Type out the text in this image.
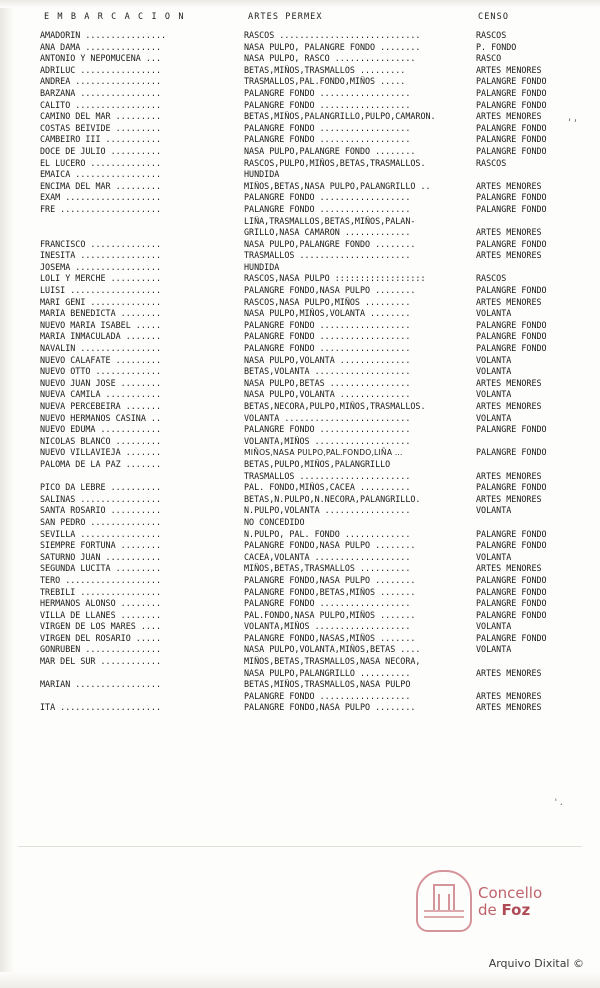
E M B A R C A C I O N	ARTES PERMEX	CENSO
AMADORIN ................	RASCOS ............................	RASCOS
ANA DAMA ...............	NASA PULPO, PALANGRE FONDO ........	P. FONDO
ANTONIO Y NEPOMUCENA ...	NASA PULPO, RASCO ................	RASCO
ADRILUC ................	BETAS,MIÑOS,TRASMALLOS .........	ARTES MENORES
ANDREA .................	TRASMALLOS,PAL.FONDO,MIÑOS .....	PALANGRE FONDO
BARZANA ................	PALANGRE FONDO ..................	PALANGRE FONDO
CALITO .................	PALANGRE FONDO ..................	PALANGRE FONDO
CAMINO DEL MAR .........	BETAS,MIÑOS,PALANGRILLO,PULPO,CAMARON.	ARTES MENORES
COSTAS BEIVIDE .........	PALANGRE FONDO ..................	PALANGRE FONDO
CAMBEIRO III ...........	PALANGRE FONDO ..................	PALANGRE FONDO
DOCE DE JULIO ..........	NASA PULPO,PALANGRE FONDO ........	PALANGRE FONDO
EL LUCERO ..............	RASCOS,PULPO,MIÑOS,BETAS,TRASMALLOS.	RASCOS
EMAICA .................	HUNDIDA	
ENCIMA DEL MAR .........	MIÑOS,BETAS,NASA PULPO,PALANGRILLO ..	ARTES MENORES
EXAM ...................	PALANGRE FONDO ..................	PALANGRE FONDO
FRE ....................	PALANGRE FONDO ..................	PALANGRE FONDO
	LIÑA,TRASMALLOS,BETAS,MIÑOS,PALAN-	
	GRILLO,NASA CAMARON .............	ARTES MENORES
FRANCISCO ..............	NASA PULPO,PALANGRE FONDO ........	PALANGRE FONDO
INESITA ................	TRASMALLOS ......................	ARTES MENORES
JOSEMA .................	HUNDIDA	
LOLI Y MERCHE ..........	RASCOS,NASA PULPO ::::::::::::::::::	RASCOS
LUISI ..................	PALANGRE FONDO,NASA PULPO ........	PALANGRE FONDO
MARI GENI ..............	RASCOS,NASA PULPO,MIÑOS .........	ARTES MENORES
MARIA BENEDICTA ........	NASA PULPO,MIÑOS,VOLANTA ........	VOLANTA
NUEVO MARIA ISABEL .....	PALANGRE FONDO ..................	PALANGRE FONDO
MARIA INMACULADA .......	PALANGRE FONDO ..................	PALANGRE FONDO
NAVALIN ................	PALANGRE FONDO ..................	PALANGRE FONDO
NUEVO CALAFATE .........	NASA PULPO,VOLANTA ..............	VOLANTA
NUEVO OTTO .............	BETAS,VOLANTA ...................	VOLANTA
NUEVO JUAN JOSE ........	NASA PULPO,BETAS ................	ARTES MENORES
NUEVA CAMILA ...........	NASA PULPO,VOLANTA ..............	VOLANTA
NUEVA PERCEBEIRA .......	BETAS,NECORA,PULPO,MIÑOS,TRASMALLOS.	ARTES MENORES
NUEVO HERMANOS CASINA ..	VOLANTA .........................	VOLANTA
NUEVO EDUMA ............	PALANGRE FONDO ..................	PALANGRE FONDO
NICOLAS BLANCO .........	VOLANTA,MIÑOS ...................	
NUEVO VILLAVIEJA .......	MIÑOS,NASA PULPO,PAL.FONDO,LIÑA ...	PALANGRE FONDO
PALOMA DE LA PAZ .......	BETAS,PULPO,MIÑOS,PALANGRILLO	
	TRASMALLOS ......................	ARTES MENORES
PICO DA LEBRE ..........	PAL. FONDO,MIÑOS,CACEA ..........	PALANGRE FONDO
SALINAS ................	BETAS,N.PULPO,N.NECORA,PALANGRILLO.	ARTES MENORES
SANTA ROSARIO ..........	N.PULPO,VOLANTA .................	VOLANTA
SAN PEDRO ..............	NO CONCEDIDO	
SEVILLA ................	N.PULPO, PAL. FONDO .............	PALANGRE FONDO
SIEMPRE FORTUNA ........	PALANGRE FONDO,NASA PULPO ........	PALANGRE FONDO
SATURNO JUAN ...........	CACEA,VOLANTA ...................	VOLANTA
SEGUNDA LUCITA .........	MIÑOS,BETAS,TRASMALLOS ..........	ARTES MENORES
TERO ...................	PALANGRE FONDO,NASA PULPO ........	PALANGRE FONDO
TREBILI ................	PALANGRE FONDO,BETAS,MIÑOS .......	PALANGRE FONDO
HERMANOS ALONSO ........	PALANGRE FONDO ..................	PALANGRE FONDO
VILLA DE LLANES ........	PAL.FONDO,NASA PULPO,MIÑOS .......	PALANGRE FONDO
VIRGEN DE LOS MARES ....	VOLANTA,MIÑOS ...................	VOLANTA
VIRGEN DEL ROSARIO .....	PALANGRE FONDO,NASAS,MIÑOS .......	PALANGRE FONDO
GONRUBEN ...............	NASA PULPO,VOLANTA,MIÑOS,BETAS ....	VOLANTA
MAR DEL SUR ............	MIÑOS,BETAS,TRASMALLOS,NASA NECORA,	
	NASA PULPO,PALANGRILLO ..........	ARTES MENORES
MARIAN .................	BETAS,MIÑOS,TRASMALLOS,NASA PULPO	
	PALANGRE FONDO ..................	ARTES MENORES
ITA ....................	PALANGRE FONDO,NASA PULPO ........	ARTES MENORES
''
'.
Concello
de Foz
Arquivo Dixital ©
